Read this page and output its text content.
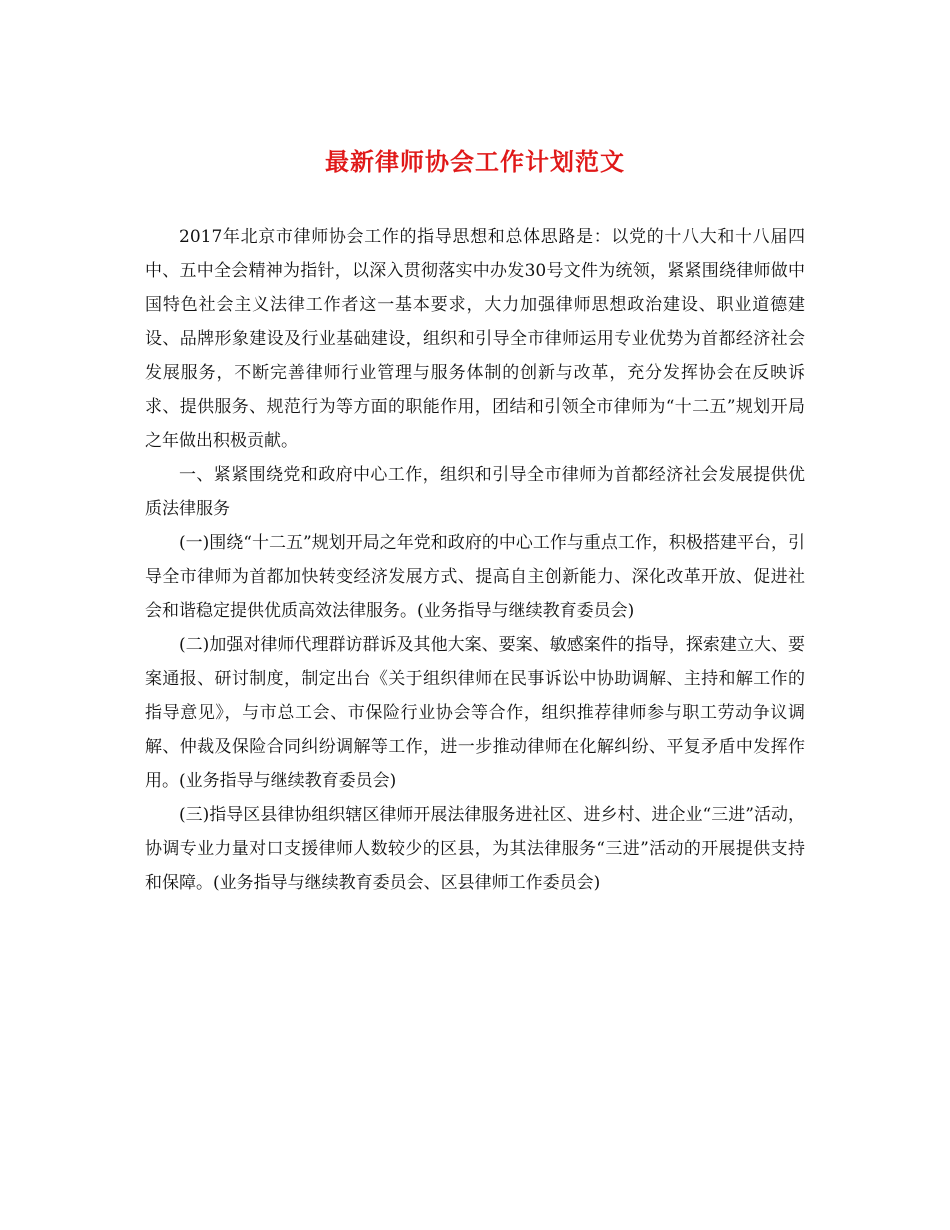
最新律师协会工作计划范文

2017年北京市律师协会工作的指导思想和总体思路是：以党的十八大和十八届四中、五中全会精神为指针，以深入贯彻落实中办发30号文件为统领，紧紧围绕律师做中国特色社会主义法律工作者这一基本要求，大力加强律师思想政治建设、职业道德建设、品牌形象建设及行业基础建设，组织和引导全市律师运用专业优势为首都经济社会发展服务，不断完善律师行业管理与服务体制的创新与改革，充分发挥协会在反映诉求、提供服务、规范行为等方面的职能作用，团结和引领全市律师为“十二五”规划开局之年做出积极贡献。

一、紧紧围绕党和政府中心工作，组织和引导全市律师为首都经济社会发展提供优质法律服务

(一)围绕“十二五”规划开局之年党和政府的中心工作与重点工作，积极搭建平台，引导全市律师为首都加快转变经济发展方式、提高自主创新能力、深化改革开放、促进社会和谐稳定提供优质高效法律服务。(业务指导与继续教育委员会)

(二)加强对律师代理群访群诉及其他大案、要案、敏感案件的指导，探索建立大、要案通报、研讨制度，制定出台《关于组织律师在民事诉讼中协助调解、主持和解工作的指导意见》，与市总工会、市保险行业协会等合作，组织推荐律师参与职工劳动争议调解、仲裁及保险合同纠纷调解等工作，进一步推动律师在化解纠纷、平复矛盾中发挥作用。(业务指导与继续教育委员会)

(三)指导区县律协组织辖区律师开展法律服务进社区、进乡村、进企业“三进”活动，协调专业力量对口支援律师人数较少的区县，为其法律服务“三进”活动的开展提供支持和保障。(业务指导与继续教育委员会、区县律师工作委员会)
